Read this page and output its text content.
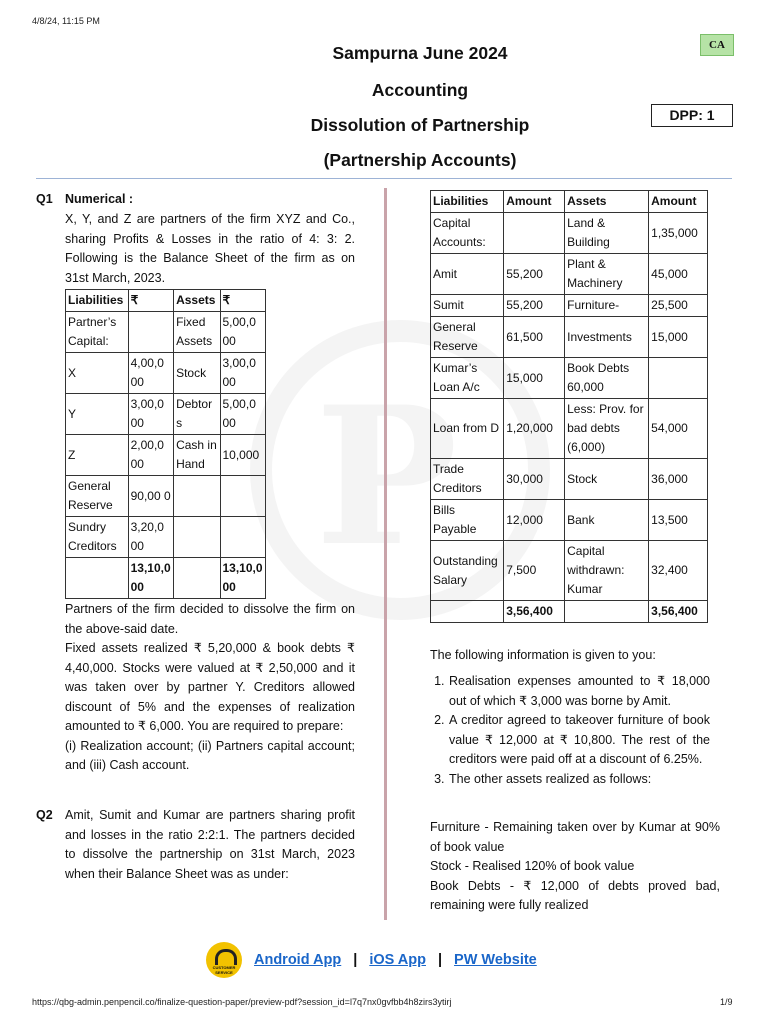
4/8/24, 11:15 PM
CA
Sampurna June 2024
Accounting
Dissolution of Partnership
(Partnership Accounts)
DPP: 1
Q1 Numerical :
X, Y, and Z are partners of the firm XYZ and Co., sharing Profits & Losses in the ratio of 4: 3: 2. Following is the Balance Sheet of the firm as on 31st March, 2023.
Liabilities	₹	Assets	₹
Partner’s Capital:		Fixed Assets	5,00,0 00
X	4,00,0 00	Stock	3,00,0 00
Y	3,00,0 00	Debtor s	5,00,0 00
Z	2,00,0 00	Cash in Hand	10,000
General Reserve	90,00 0		
Sundry Creditors	3,20,0 00		
	13,10,0 00		13,10,0 00
Partners of the firm decided to dissolve the firm on the above-said date.
Fixed assets realized ₹ 5,20,000 & book debts ₹ 4,40,000. Stocks were valued at ₹ 2,50,000 and it was taken over by partner Y. Creditors allowed discount of 5% and the expenses of realization amounted to ₹ 6,000. You are required to prepare:
(i) Realization account; (ii) Partners capital account; and (iii) Cash account.
Q2 Amit, Sumit and Kumar are partners sharing profit and losses in the ratio 2:2:1. The partners decided to dissolve the partnership on 31st March, 2023 when their Balance Sheet was as under:
Liabilities	Amount	Assets	Amount
Capital Accounts:		Land & Building	1,35,000
Amit	55,200	Plant & Machinery	45,000
Sumit	55,200	Furniture-	25,500
General Reserve	61,500	Investments	15,000
Kumar’s Loan A/c	15,000	Book Debts 60,000	
Loan from D	1,20,000	Less: Prov. for bad debts (6,000)	54,000
Trade Creditors	30,000	Stock	36,000
Bills Payable	12,000	Bank	13,500
Outstanding Salary	7,500	Capital withdrawn: Kumar	32,400
	3,56,400		3,56,400
The following information is given to you:
1. Realisation expenses amounted to ₹ 18,000 out of which ₹ 3,000 was borne by Amit.
2. A creditor agreed to takeover furniture of book value ₹ 12,000 at ₹ 10,800. The rest of the creditors were paid off at a discount of 6.25%.
3. The other assets realized as follows:
Furniture - Remaining taken over by Kumar at 90% of book value
Stock - Realised 120% of book value
Book Debts - ₹ 12,000 of debts proved bad, remaining were fully realized
CUSTOMER SERVICE
Android App | iOS App | PW Website
https://qbg-admin.penpencil.co/finalize-question-paper/preview-pdf?session_id=l7q7nx0gvfbb4h8zirs3ytirj	1/9
